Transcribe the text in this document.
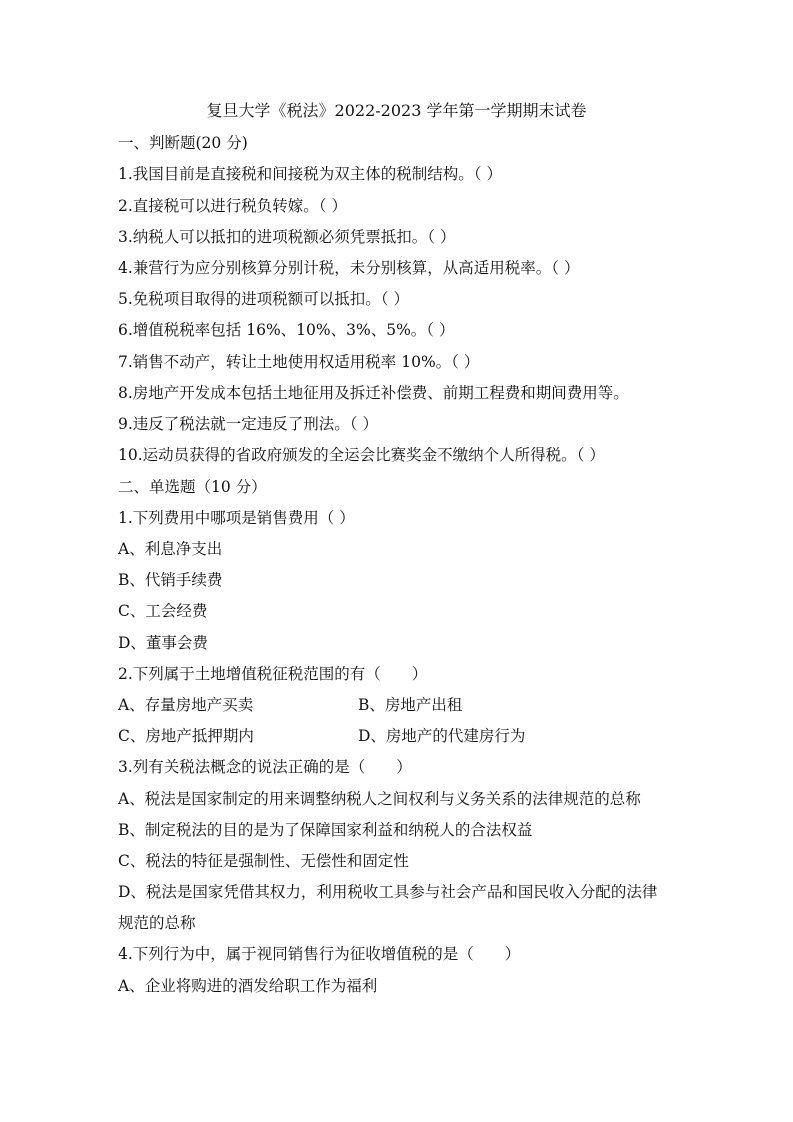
复旦大学《税法》2022-2023 学年第一学期期末试卷
一、判断题(20 分)
1.我国目前是直接税和间接税为双主体的税制结构。（ ）
2.直接税可以进行税负转嫁。（ ）
3.纳税人可以抵扣的进项税额必须凭票抵扣。（ ）
4.兼营行为应分别核算分别计税，未分别核算，从高适用税率。（ ）
5.免税项目取得的进项税额可以抵扣。（ ）
6.增值税税率包括 16%、10%、3%、5%。（ ）
7.销售不动产，转让土地使用权适用税率 10%。（ ）
8.房地产开发成本包括土地征用及拆迁补偿费、前期工程费和期间费用等。
9.违反了税法就一定违反了刑法。（ ）
10.运动员获得的省政府颁发的全运会比赛奖金不缴纳个人所得税。（ ）
二、单选题（10 分）
1.下列费用中哪项是销售费用（ ）
A、利息净支出
B、代销手续费
C、工会经费
D、董事会费
2.下列属于土地增值税征税范围的有（　　）
A、存量房地产买卖	B、房地产出租
C、房地产抵押期内	D、房地产的代建房行为
3.列有关税法概念的说法正确的是（　　）
A、税法是国家制定的用来调整纳税人之间权利与义务关系的法律规范的总称
B、制定税法的目的是为了保障国家利益和纳税人的合法权益
C、税法的特征是强制性、无偿性和固定性
D、税法是国家凭借其权力，利用税收工具参与社会产品和国民收入分配的法律
规范的总称
4.下列行为中，属于视同销售行为征收增值税的是（　　）
A、企业将购进的酒发给职工作为福利
